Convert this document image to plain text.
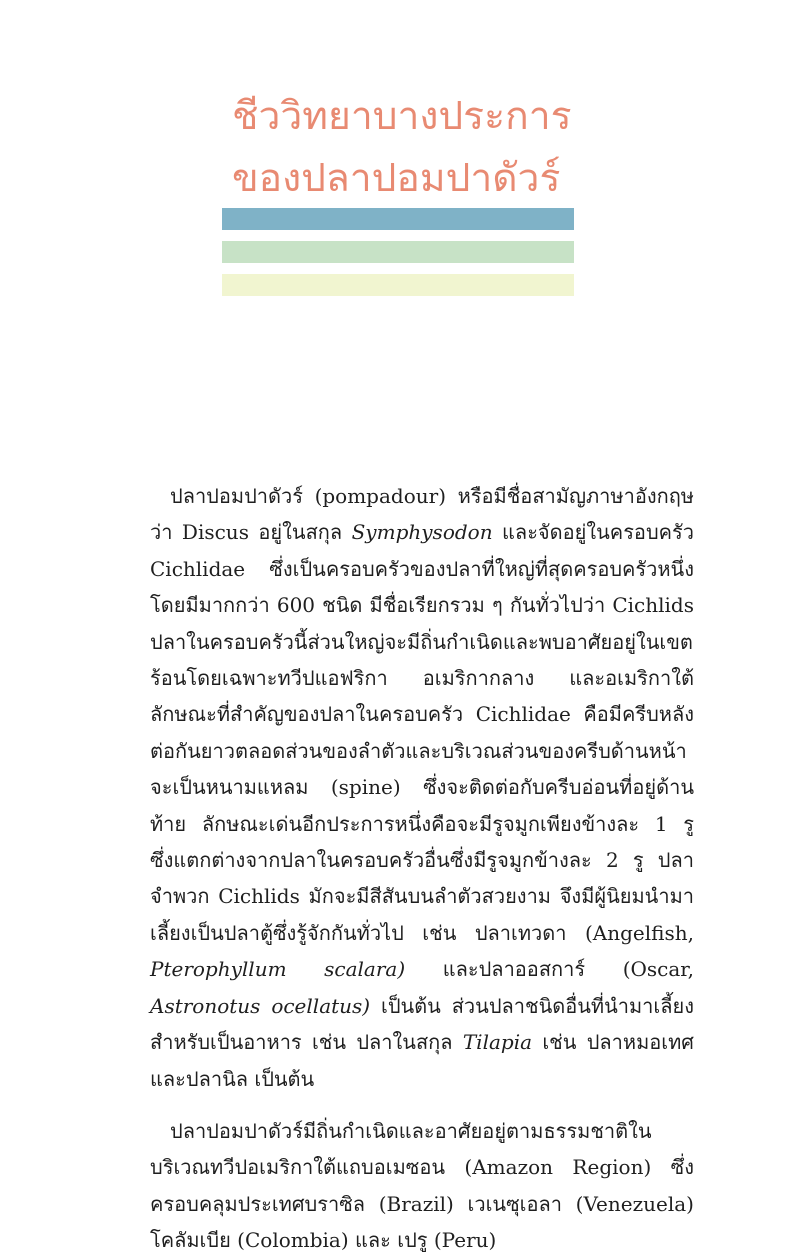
ชีววิทยาบางประการ
ของปลาปอมปาดัวร์

ปลาปอมปาดัวร์ (pompadour) หรือมีชื่อสามัญภาษาอังกฤษว่า Discus อยู่ในสกุล Symphysodon และจัดอยู่ในครอบครัว Cichlidae ซึ่งเป็นครอบครัวของปลาที่ใหญ่ที่สุดครอบครัวหนึ่งโดยมีมากกว่า 600 ชนิด มีชื่อเรียกรวม ๆ กันทั่วไปว่า Cichlids ปลาในครอบครัวนี้ส่วนใหญ่จะมีถิ่นกำเนิดและพบอาศัยอยู่ในเขตร้อนโดยเฉพาะทวีปแอฟริกา อเมริกากลาง และอเมริกาใต้ ลักษณะที่สำคัญของปลาในครอบครัว Cichlidae คือมีครีบหลังต่อกันยาวตลอดส่วนของลำตัวและบริเวณส่วนของครีบด้านหน้าจะเป็นหนามแหลม (spine) ซึ่งจะติดต่อกับครีบอ่อนที่อยู่ด้านท้าย ลักษณะเด่นอีกประการหนึ่งคือจะมีรูจมูกเพียงข้างละ 1 รู ซึ่งแตกต่างจากปลาในครอบครัวอื่นซึ่งมีรูจมูกข้างละ 2 รู ปลาจำพวก Cichlids มักจะมีสีสันบนลำตัวสวยงาม จึงมีผู้นิยมนำมาเลี้ยงเป็นปลาตู้ซึ่งรู้จักกันทั่วไป เช่น ปลาเทวดา (Angelfish, Pterophyllum scalara) และปลาออสการ์ (Oscar, Astronotus ocellatus) เป็นต้น ส่วนปลาชนิดอื่นที่นำมาเลี้ยงสำหรับเป็นอาหาร เช่น ปลาในสกุล Tilapia เช่น ปลาหมอเทศ และปลานิล เป็นต้น

ปลาปอมปาดัวร์มีถิ่นกำเนิดและอาศัยอยู่ตามธรรมชาติในบริเวณทวีปอเมริกาใต้แถบอเมซอน (Amazon Region) ซึ่งครอบคลุมประเทศบราซิล (Brazil) เวเนซุเอลา (Venezuela) โคลัมเบีย (Colombia) และ เปรู (Peru)
